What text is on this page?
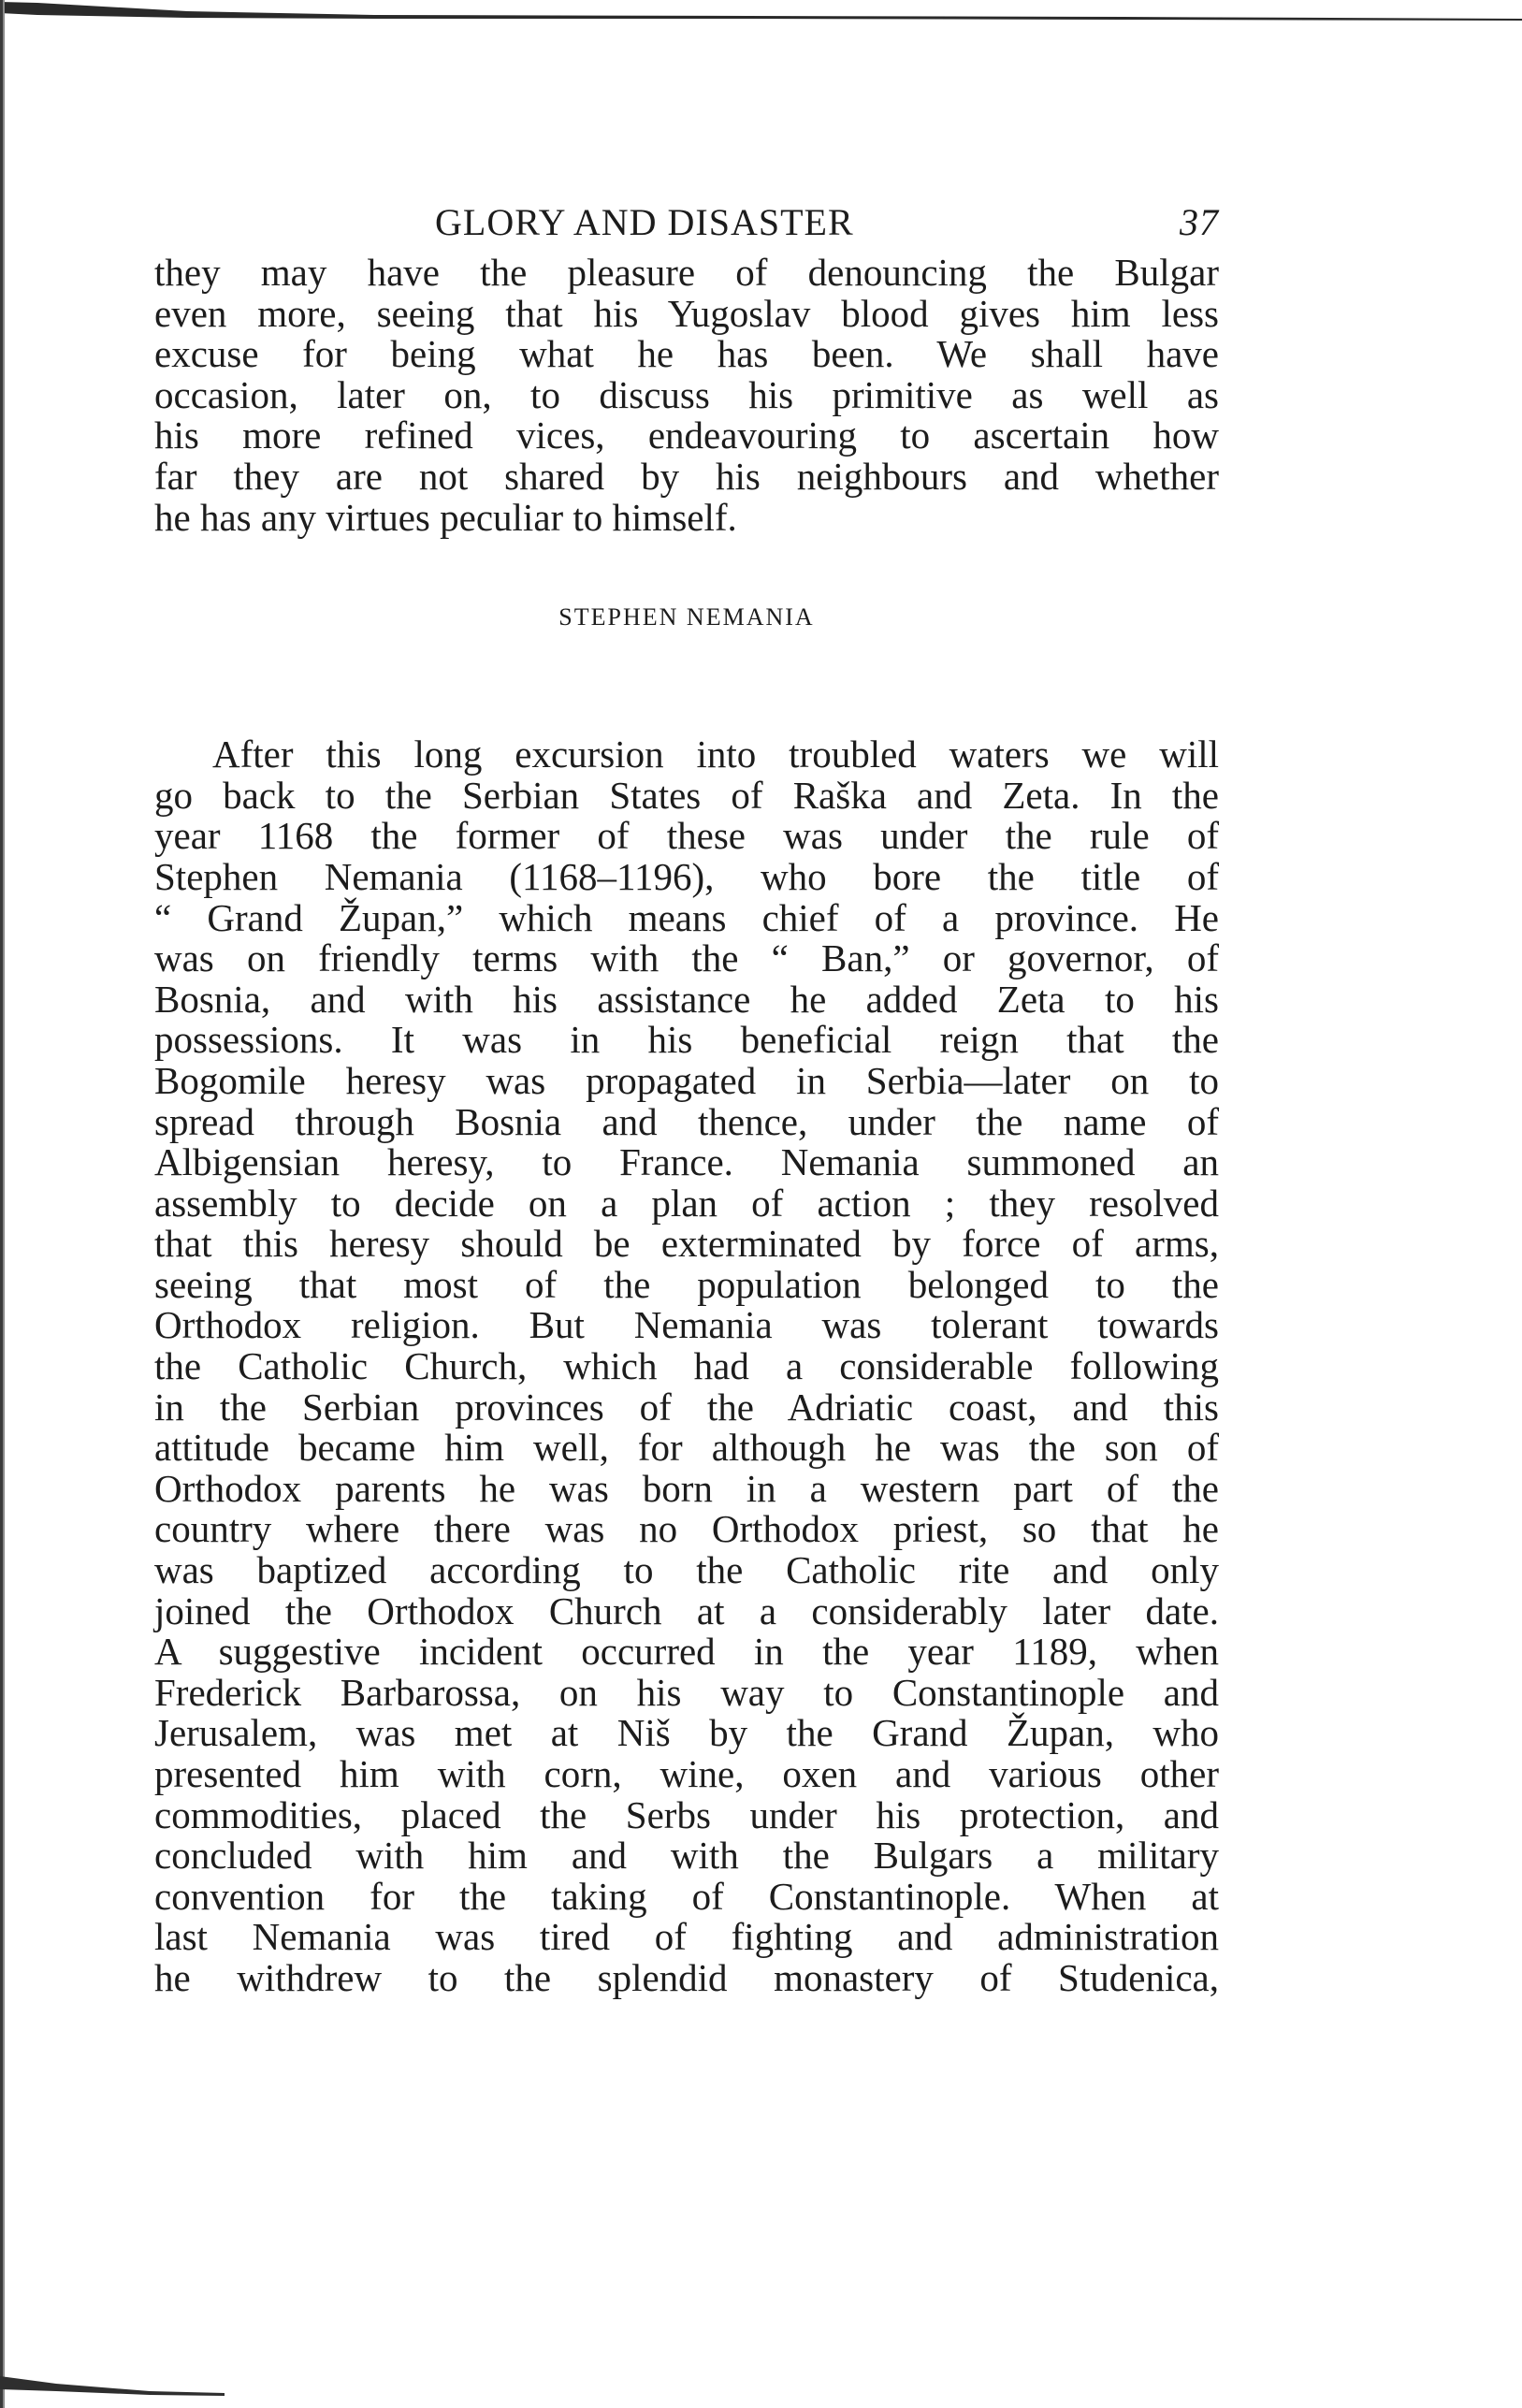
GLORY AND DISASTER	37
they may have the pleasure of denouncing the Bulgar
even more, seeing that his Yugoslav blood gives him less
excuse for being what he has been. We shall have
occasion, later on, to discuss his primitive as well as
his more refined vices, endeavouring to ascertain how
far they are not shared by his neighbours and whether
he has any virtues peculiar to himself.
STEPHEN NEMANIA
After this long excursion into troubled waters we will
go back to the Serbian States of Raška and Zeta. In the
year 1168 the former of these was under the rule of
Stephen Nemania (1168–1196), who bore the title of
“ Grand Župan,” which means chief of a province. He
was on friendly terms with the “ Ban,” or governor, of
Bosnia, and with his assistance he added Zeta to his
possessions. It was in his beneficial reign that the
Bogomile heresy was propagated in Serbia—later on to
spread through Bosnia and thence, under the name of
Albigensian heresy, to France. Nemania summoned an
assembly to decide on a plan of action ; they resolved
that this heresy should be exterminated by force of arms,
seeing that most of the population belonged to the
Orthodox religion. But Nemania was tolerant towards
the Catholic Church, which had a considerable following
in the Serbian provinces of the Adriatic coast, and this
attitude became him well, for although he was the son of
Orthodox parents he was born in a western part of the
country where there was no Orthodox priest, so that he
was baptized according to the Catholic rite and only
joined the Orthodox Church at a considerably later date.
A suggestive incident occurred in the year 1189, when
Frederick Barbarossa, on his way to Constantinople and
Jerusalem, was met at Niš by the Grand Župan, who
presented him with corn, wine, oxen and various other
commodities, placed the Serbs under his protection, and
concluded with him and with the Bulgars a military
convention for the taking of Constantinople. When at
last Nemania was tired of fighting and administration
he withdrew to the splendid monastery of Studenica,
